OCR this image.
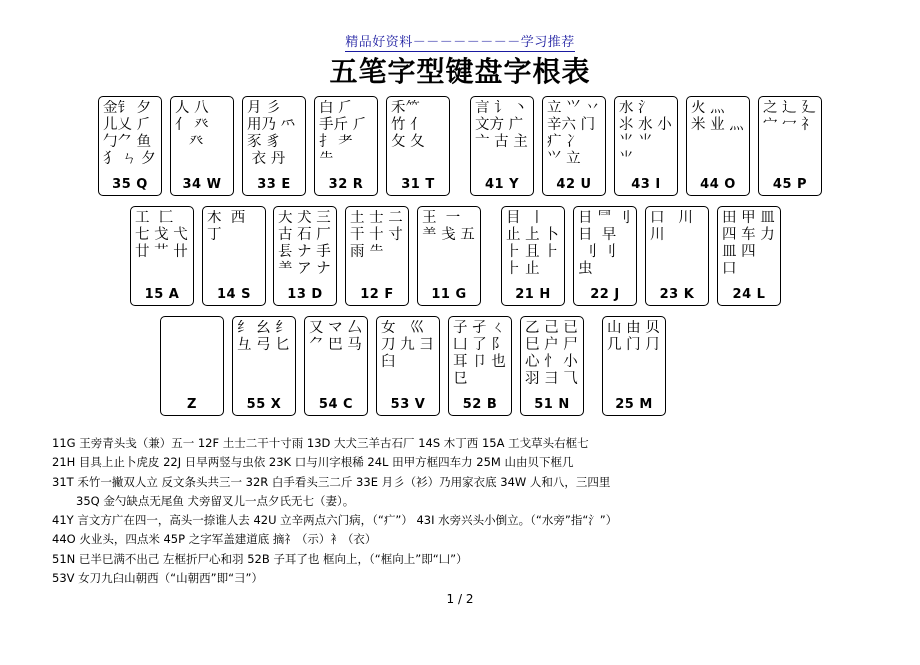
精品好资料－－－－－－－－学习推荐
五笔字型键盘字根表
金钅 夕
儿乂 ⺁
勹⺈ 鱼
犭 ㄣ 夕
35 Q
人 八
亻 癶
癶
34 W
月 彡
用乃 ⺤
豕 豸
衣 丹
33 E
白 ⺁
手斤 ⺁
扌 ⺹
⺧
32 R
禾⺮
竹 ⺅
攵 夂
31 T
言 讠 丶
文方 广
亠 古 主
41 Y
立 ⺍ 丷
辛六 门
疒 冫
⺍ 立
42 U
水 ⺡
⺢ 水 小
⺌ ⺌
⺌
43 I
火 灬
米 业 灬
44 O
之 辶 廴
宀 冖 礻
45 P
工  匚
七 戈 弋
廿 艹 卄
15 A
木  西
丁
14 S
大 犬 三
古 石 厂
镸 ナ 手
⺷ ア ナ
13 D
土 士 二
干 十 寸
雨 ⺧
12 F
王  一
⺷ 戋 五
11 G
目  丨
止 上 卜
⺊ 且 ⺊
⺊ 止
21 H
日 ⺜ 刂
日  早
刂 刂
虫
22 J
口   川
川
23 K
田 甲 皿
四 车 力
皿 四
口
24 L
Z
纟 幺 纟
彑 弓 匕
55 X
又 マ 厶
⺈ 巴 马
54 C
女   巛
刀 九 彐
臼
53 V
子 孑 ㄑ
凵 了 阝
耳 卩 也
㔾
52 B
乙 己 已
巳 户 尸
心 ⺖ 小
羽 ⺕ ⺄
51 N
山 由 贝
几 门 ⺆
25 M
11G 王旁青头戋（兼）五一 12F 土士二干十寸雨 13D 大犬三羊古石厂 14S 木丁西 15A 工戈草头右框七
21H 目具上止卜虎皮 22J 日早两竖与虫依 23K 口与川字根稀 24L 田甲方框四车力 25M 山由贝下框几
31T 禾竹一撇双人立 反文条头共三一 32R 白手看头三二斤 33E 月彡（衫）乃用家衣底 34W 人和八，三四里
35Q 金勺缺点无尾鱼 犬旁留叉儿一点夕氏无七（妻）。
41Y 言文方广在四一，高头一捺谁人去 42U 立辛两点六门病，（“疒”） 43I 水旁兴头小倒立。（“水旁”指“氵”）
44O 火业头，四点米 45P 之字军盖建道底 摘礻（示）衤（衣）
51N 已半巳满不出己 左框折尸心和羽 52B 子耳了也 框向上，（“框向上”即“凵”）
53V 女刀九臼山朝西（“山朝西”即“彐”）
1 / 2
